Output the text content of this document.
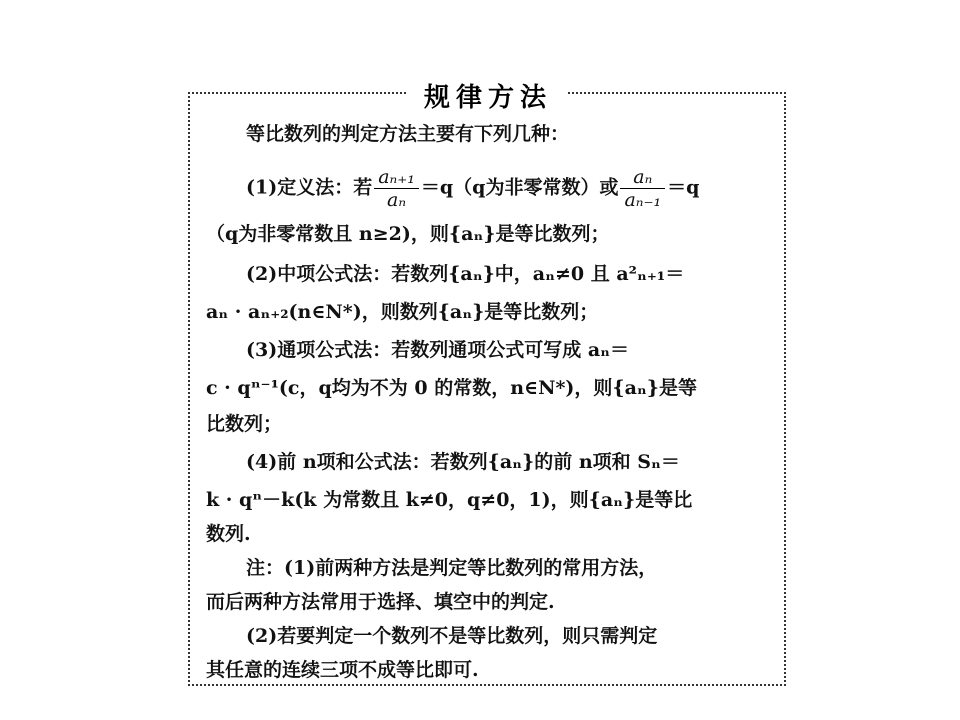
规律方法
等比数列的判定方法主要有下列几种：
(1)定义法：若 $\frac{\text{aₙ₊₁}}{\text{aₙ}} =q(q$为非零常数）或 $\frac{\text{aₙ}}{\text{aₙ₋₁}} =q$
（q为非零常数且 n≥2)，则{aₙ}是等比数列；
(2)中项公式法：若数列{aₙ}中，aₙ≠0 且 a²ₙ₊₁＝
aₙ · aₙ₊₂(n∈N*)，则数列{aₙ}是等比数列；
(3)通项公式法：若数列通项公式可写成 aₙ＝
c · qⁿ⁻¹(c，q均为不为 0 的常数，n∈N*)，则{aₙ}是等
比数列；
(4)前 n项和公式法：若数列{aₙ}的前 n项和 Sₙ＝
k · qⁿ－k(k 为常数且 k≠0，q≠0，1)，则{aₙ}是等比
数列.
注：(1)前两种方法是判定等比数列的常用方法，
而后两种方法常用于选择、填空中的判定.
(2)若要判定一个数列不是等比数列，则只需判定
其任意的连续三项不成等比即可.
